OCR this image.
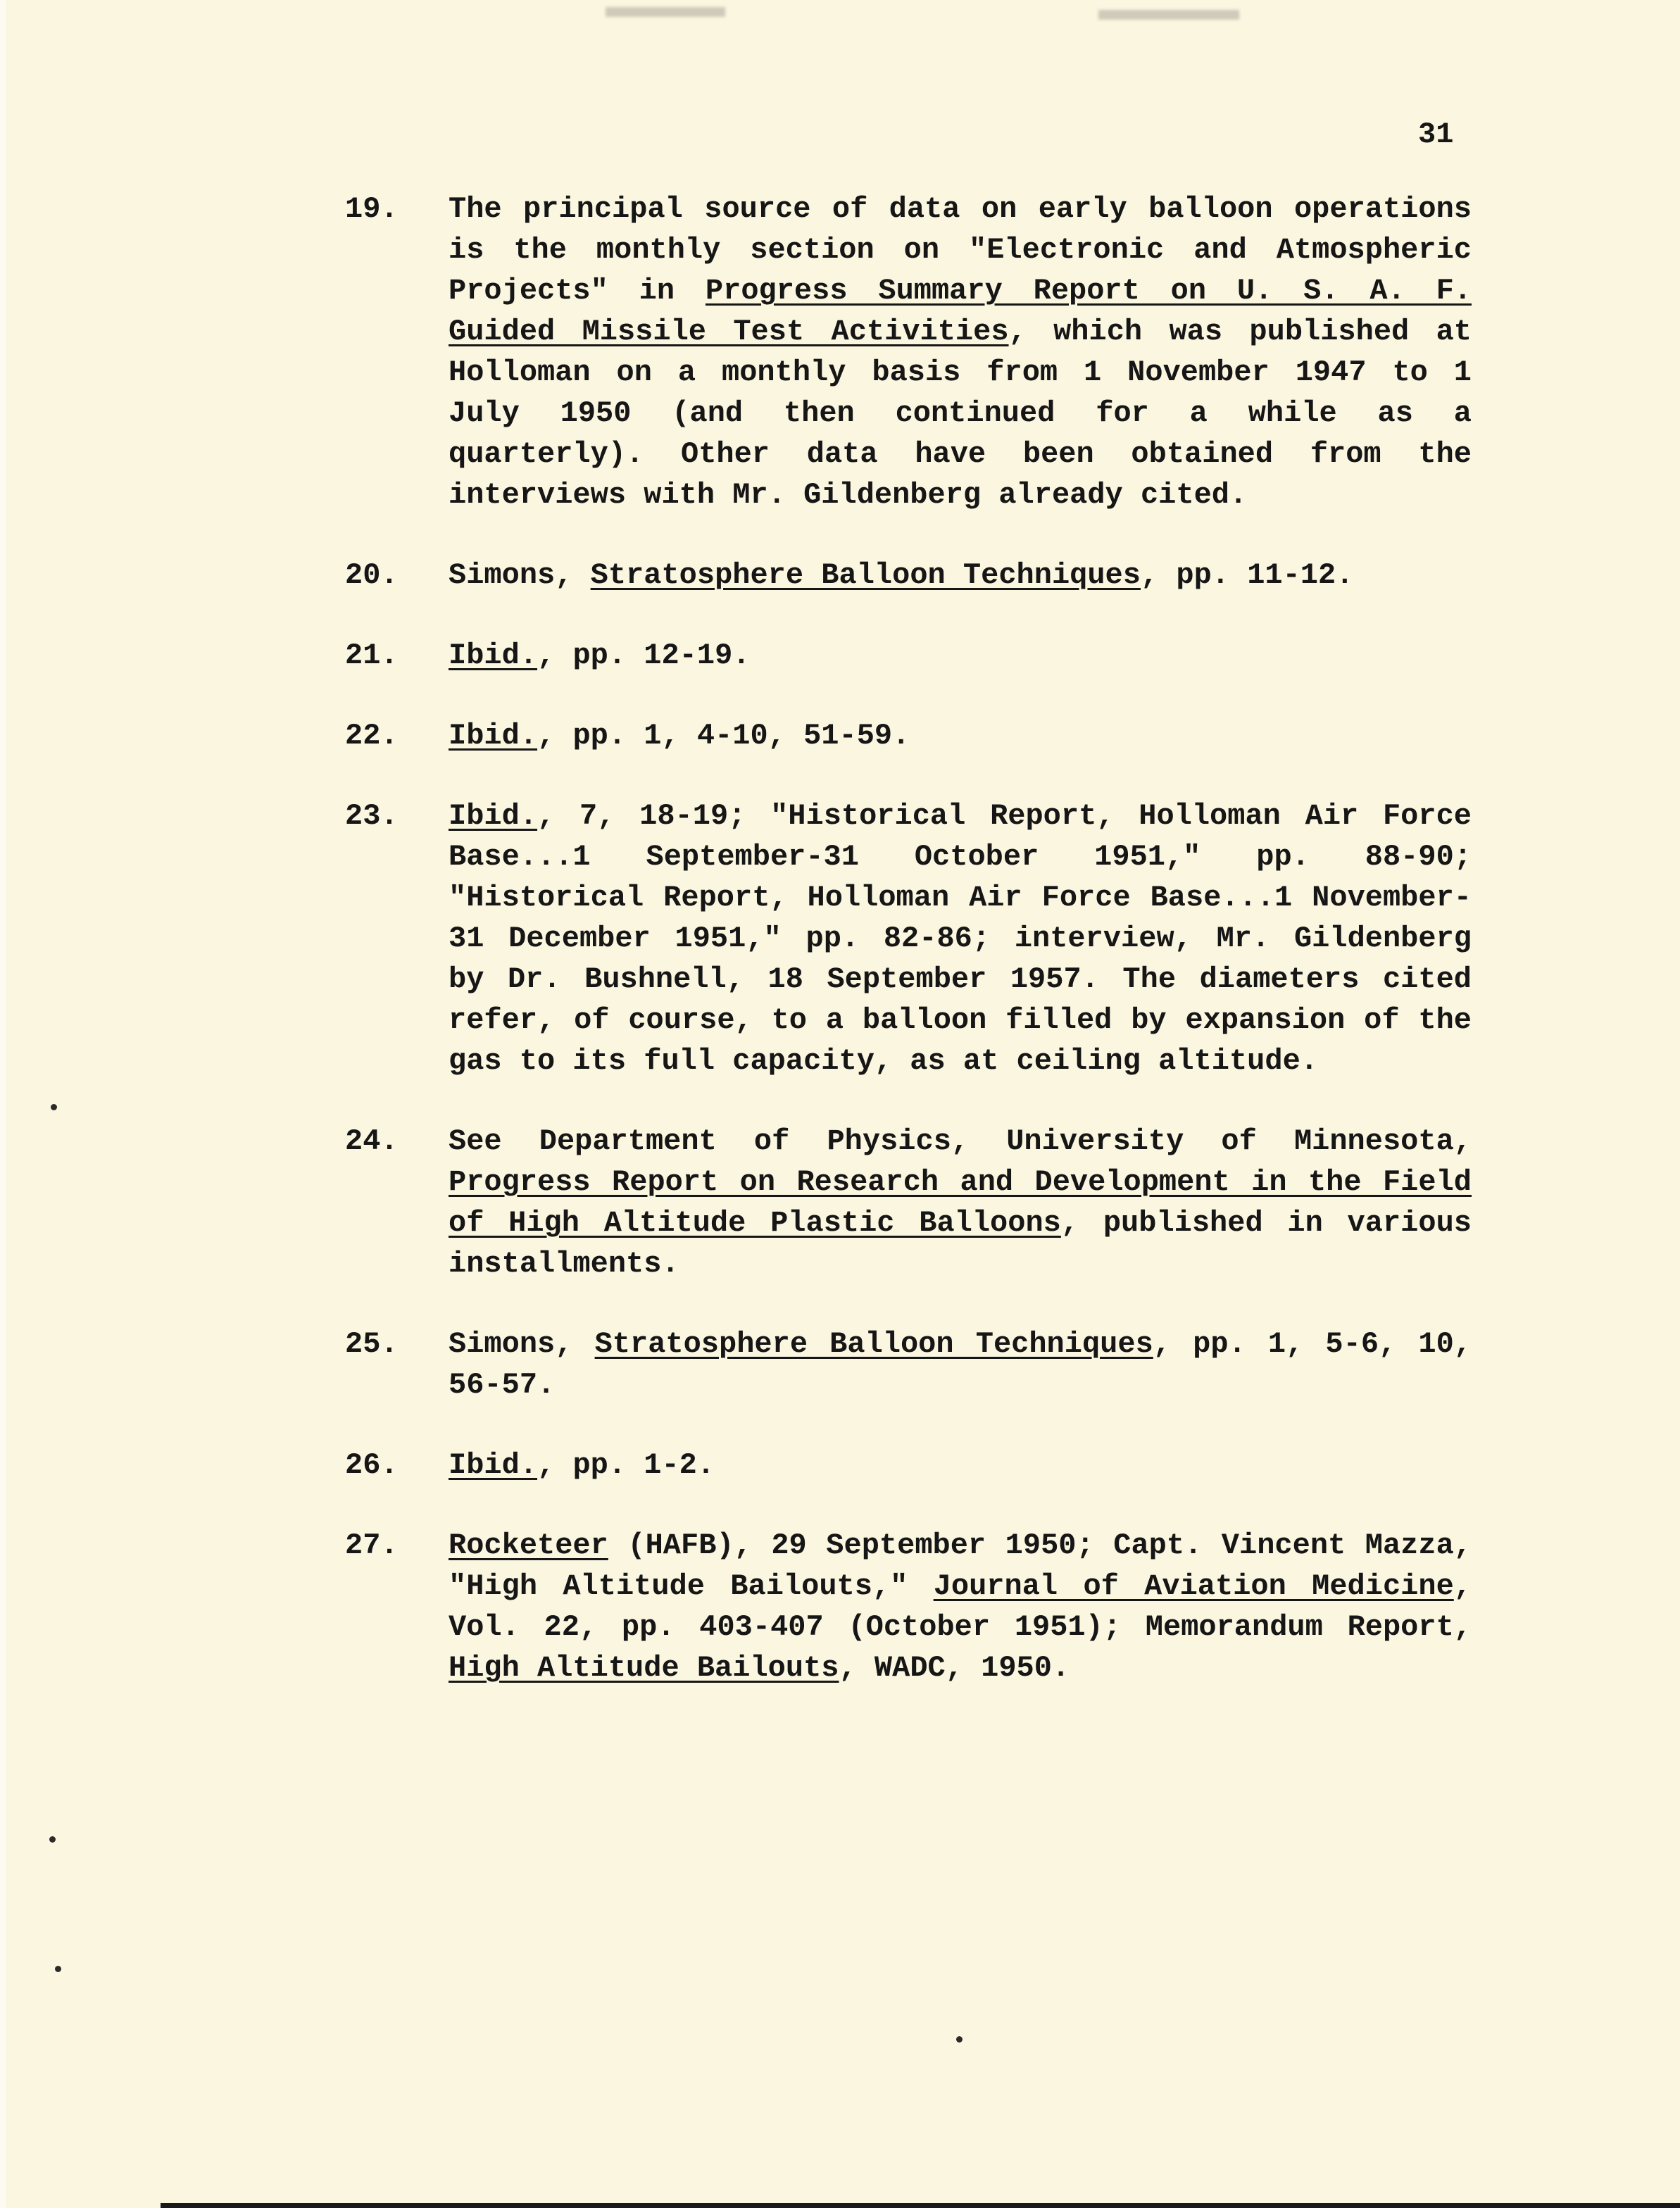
31
19.	The principal source of data on early balloon operations is the monthly section on "Electronic and Atmospheric Projects" in Progress Summary Report on U. S. A. F. Guided Missile Test Activities, which was published at Holloman on a monthly basis from 1 November 1947 to 1 July 1950 (and then continued for a while as a quarterly). Other data have been obtained from the interviews with Mr. Gildenberg already cited.
20.	Simons, Stratosphere Balloon Techniques, pp. 11-12.
21.	Ibid., pp. 12-19.
22.	Ibid., pp. 1, 4-10, 51-59.
23.	Ibid., 7, 18-19; "Historical Report, Holloman Air Force Base...1 September-31 October 1951," pp. 88-90; "Historical Report, Holloman Air Force Base...1 November-31 December 1951," pp. 82-86; interview, Mr. Gildenberg by Dr. Bushnell, 18 September 1957. The diameters cited refer, of course, to a balloon filled by expansion of the gas to its full capacity, as at ceiling altitude.
24.	See Department of Physics, University of Minnesota, Progress Report on Research and Development in the Field of High Altitude Plastic Balloons, published in various installments.
25.	Simons, Stratosphere Balloon Techniques, pp. 1, 5-6, 10, 56-57.
26.	Ibid., pp. 1-2.
27.	Rocketeer (HAFB), 29 September 1950; Capt. Vincent Mazza, "High Altitude Bailouts," Journal of Aviation Medicine, Vol. 22, pp. 403-407 (October 1951); Memorandum Report, High Altitude Bailouts, WADC, 1950.
